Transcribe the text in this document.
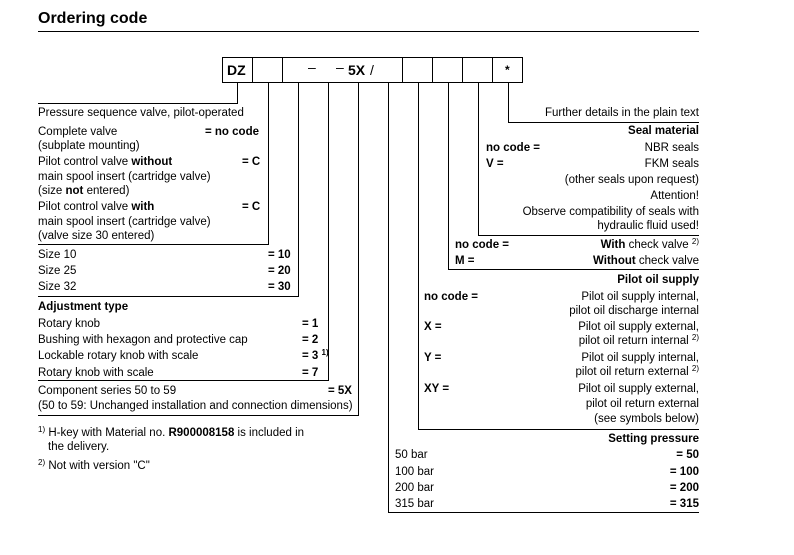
Ordering code
DZ	– – 5X /	*
Pressure sequence valve, pilot-operated
Complete valve	= no code
(subplate mounting)
Pilot control valve without	= C
main spool insert (cartridge valve)
(size not entered)
Pilot control valve with	= C
main spool insert (cartridge valve)
(valve size 30 entered)
Size 10	= 10
Size 25	= 20
Size 32	= 30
Adjustment type
Rotary knob	= 1
Bushing with hexagon and protective cap	= 2
Lockable rotary knob with scale	= 3 $^{1)}$
Rotary knob with scale	= 7
Component series 50 to 59	= 5X
(50 to 59: Unchanged installation and connection dimensions)
$^{1)}$ H-key with Material no. R900008158 is included in
the delivery.
$^{2)}$ Not with version "C"
Further details in the plain text
Seal material
no code =	NBR seals
V =	FKM seals
(other seals upon request)
Attention!
Observe compatibility of seals with
hydraulic fluid used!
no code =	With check valve $^{2)}$
M =	Without check valve
Pilot oil supply
no code =	Pilot oil supply internal,
pilot oil discharge internal
X =	Pilot oil supply external,
pilot oil return internal $^{2)}$
Y =	Pilot oil supply internal,
pilot oil return external $^{2)}$
XY =	Pilot oil supply external,
pilot oil return external
(see symbols below)
Setting pressure
50 bar	= 50
100 bar	= 100
200 bar	= 200
315 bar	= 315
